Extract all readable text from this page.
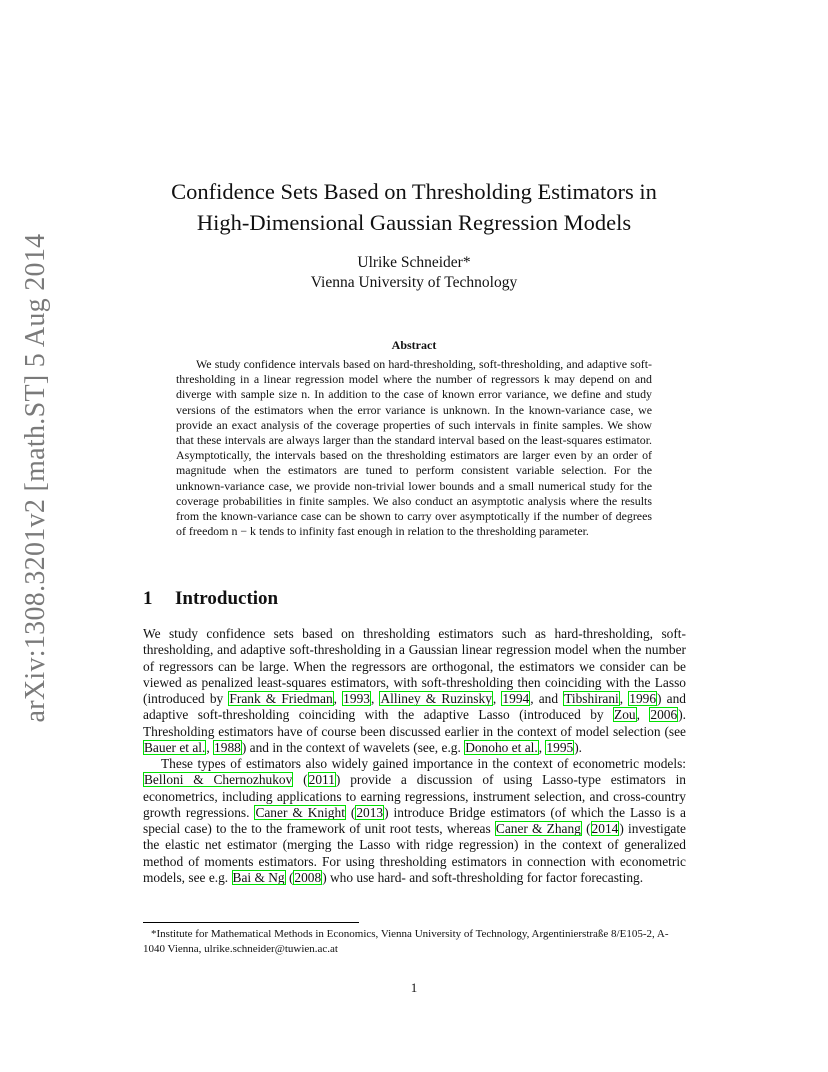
arXiv:1308.3201v2 [math.ST] 5 Aug 2014
Confidence Sets Based on Thresholding Estimators in
High-Dimensional Gaussian Regression Models
Ulrike Schneider*
Vienna University of Technology
Abstract

We study confidence intervals based on hard-thresholding, soft-thresholding, and adaptive soft-thresholding in a linear regression model where the number of regressors k may depend on and diverge with sample size n. In addition to the case of known error variance, we define and study versions of the estimators when the error variance is unknown. In the known-variance case, we provide an exact analysis of the coverage properties of such intervals in finite samples. We show that these intervals are always larger than the standard interval based on the least-squares estimator. Asymptotically, the intervals based on the thresholding estimators are larger even by an order of magnitude when the estimators are tuned to perform consistent variable selection. For the unknown-variance case, we provide non-trivial lower bounds and a small numerical study for the coverage probabilities in finite samples. We also conduct an asymptotic analysis where the results from the known-variance case can be shown to carry over asymptotically if the number of degrees of freedom n − k tends to infinity fast enough in relation to the thresholding parameter.

1 Introduction

We study confidence sets based on thresholding estimators such as hard-thresholding, soft-thresholding, and adaptive soft-thresholding in a Gaussian linear regression model when the number of regressors can be large. When the regressors are orthogonal, the estimators we consider can be viewed as penalized least-squares estimators, with soft-thresholding then coinciding with the Lasso (introduced by Frank & Friedman, 1993, Alliney & Ruzinsky, 1994, and Tibshirani, 1996) and adaptive soft-thresholding coinciding with the adaptive Lasso (introduced by Zou, 2006). Thresholding estimators have of course been discussed earlier in the context of model selection (see Bauer et al., 1988) and in the context of wavelets (see, e.g. Donoho et al., 1995).

These types of estimators also widely gained importance in the context of econometric models: Belloni & Chernozhukov (2011) provide a discussion of using Lasso-type estimators in econometrics, including applications to earning regressions, instrument selection, and cross-country growth regressions. Caner & Knight (2013) introduce Bridge estimators (of which the Lasso is a special case) to the to the framework of unit root tests, whereas Caner & Zhang (2014) investigate the elastic net estimator (merging the Lasso with ridge regression) in the context of generalized method of moments estimators. For using thresholding estimators in connection with econometric models, see e.g. Bai & Ng (2008) who use hard- and soft-thresholding for factor forecasting.

*Institute for Mathematical Methods in Economics, Vienna University of Technology, Argentinierstraße 8/E105-2, A-1040 Vienna, ulrike.schneider@tuwien.ac.at

1
